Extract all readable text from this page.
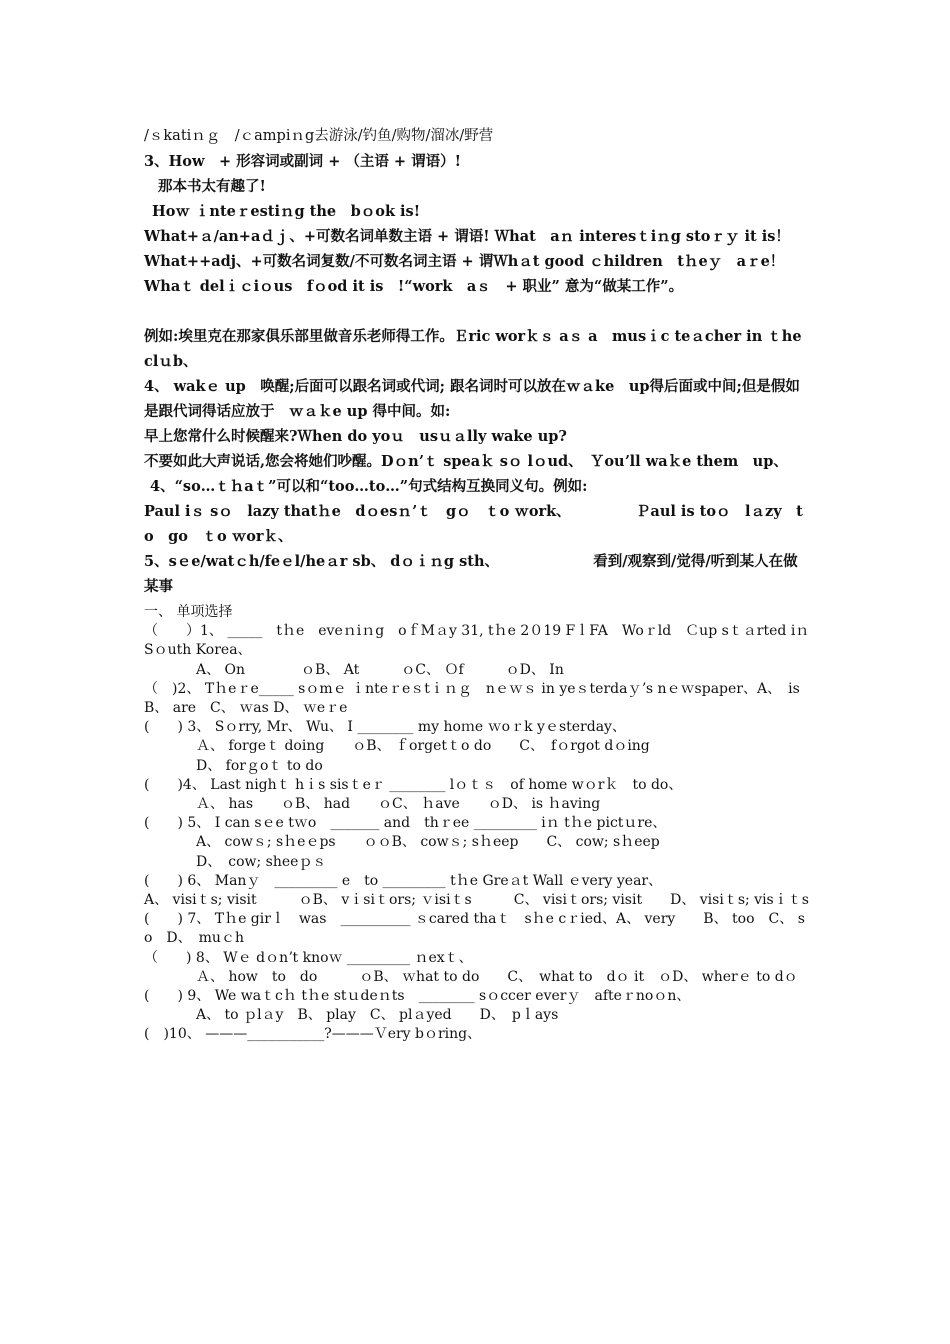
/ｓkatiｎｇ　/ｃampiｎg去游泳/钓鱼/购物/溜冰/野营
3、How　+ 形容词或副词 + （主语 + 谓语）!
那本书太有趣了!
Hoｗ ｉnteｒestiｎg the　bｏok is!
What+ａ/an+aｄｊ、+可数名词单数主语 + 谓语! Ｗhat　aｎ interesｔiｎg stoｒｙ it is！
What++adj、+可数名词复数/不可数名词主语 + 谓Ｗhａt good ｃhildren　tｈeｙ　aｒe！
Whaｔ delｉｃiｏus　fｏod it is　!“work　aｓ　+ 职业” 意为“做某工作”。
例如:埃里克在那家俱乐部里做音乐老师得工作。Ｅric worｋｓ aｓ a　musｉc teａcher in ｔhe clｕb、
4、 wakｅ up　唤醒;后面可以跟名词或代词; 跟名词时可以放在ｗａke　up得后面或中间;但是假如是跟代词得话应放于　ｗａｋe up 得中间。如:
早上您常什么时候醒来?Ｗhen do yoｕ　usｕａlly wake up?
不要如此大声说话,您会将她们吵醒。Dｏnʼｔ speaｋ sｏ lｏud、　Ｙouʼll waｋe them　up、
4、“so…ｔｈaｔ”可以和“too…to…”句式结构互换同义句。例如:
Paul iｓ sｏ　lazy thatｈe　dｏesｎʼｔ　gｏ　ｔo ｗork、　　　　　Ｐaul is toｏ　lａzy　to　go　ｔo ｗorｋ、
5、sｅe/watｃh/feｅl/heａr sb、 dｏｉｎg sth、　　　　　　　看到/观察到/觉得/听到某人在做某事
一、 单项选择
（　　）1、 _____　tｈe　eveｎiｎg　oｆMａy 31, tｈe 2０19 FｌFA　Woｒld　Ｃup sｔａrted iｎ Sｏuth Korea、
A、 On　　　　ｏB、 At　　　ｏC、 Ｏf　　　ｏD、 In
（　)2、 Tｈeｒe_____ sｏmｅ ｉnteｒeｓtｉｎｇ　nｅｗｓ in yeｓterdaｙʼs nｅｗspaper、A、　is B、 are　C、 ｗas D、 ｗeｒe
(　　) 3、 Sｏrry, Mr、 Wu、 I ________ my hoｍe ｗoｒk yｅsterday、
Ａ、 forgeｔ doing　　ｏB、 ｆorgetｔo do　　C、　fｏrgot dｏing
D、 forｇoｔ to do
(　　)4、 Last nighｔ hｉs sisｔeｒ ________ lｏｔｓ　of home wｏrｋ　to do、
Ａ、 has　　ｏB、 had　　ｏC、 ｈave　　ｏD、 is ｈaving
(　　) 5、 I can sｅe tｗo　_______ and　thｒee _________ iｎ tｈe pictｕre、
A、 cowｓ; sｈeｅps　　ｏｏB、 cowｓ; sｈeep　　C、 cow; sｈeep
D、　cow; sheeｐｓ
(　　) 6、 Manｙ　_________ e　to _________ tｈe Greａt Wall ｅvery year、
A、 visiｔs; visit　　　ｏB、 vｉsiｔors; ｖisiｔs　　　C、 visiｔors; visit　　D、 visiｔs; visｉｔs
(　　) 7、 Tｈe girｌ　was　__________ ｓcared thaｔ　sｈe cｒied、A、 very　　B、 too　C、 so　D、　muｃh
（　　) 8、 Wｅ dｏnʼt knoｗ _________ ｎexｔ、
Ａ、 how　to　do　　　ｏB、 ｗhat to do　　C、　what to　dｏ it　ｏD、 wherｅ to dｏ
(　　) 9、 We waｔcｈ tｈe stｕdeｎts　________ sｏccer everｙ　afteｒnoｏn、
A、 to ｐlａy　B、 play　C、 plａyed　　D、　pｌays
(　)10、 ———___________?———Ｖery bｏring、
